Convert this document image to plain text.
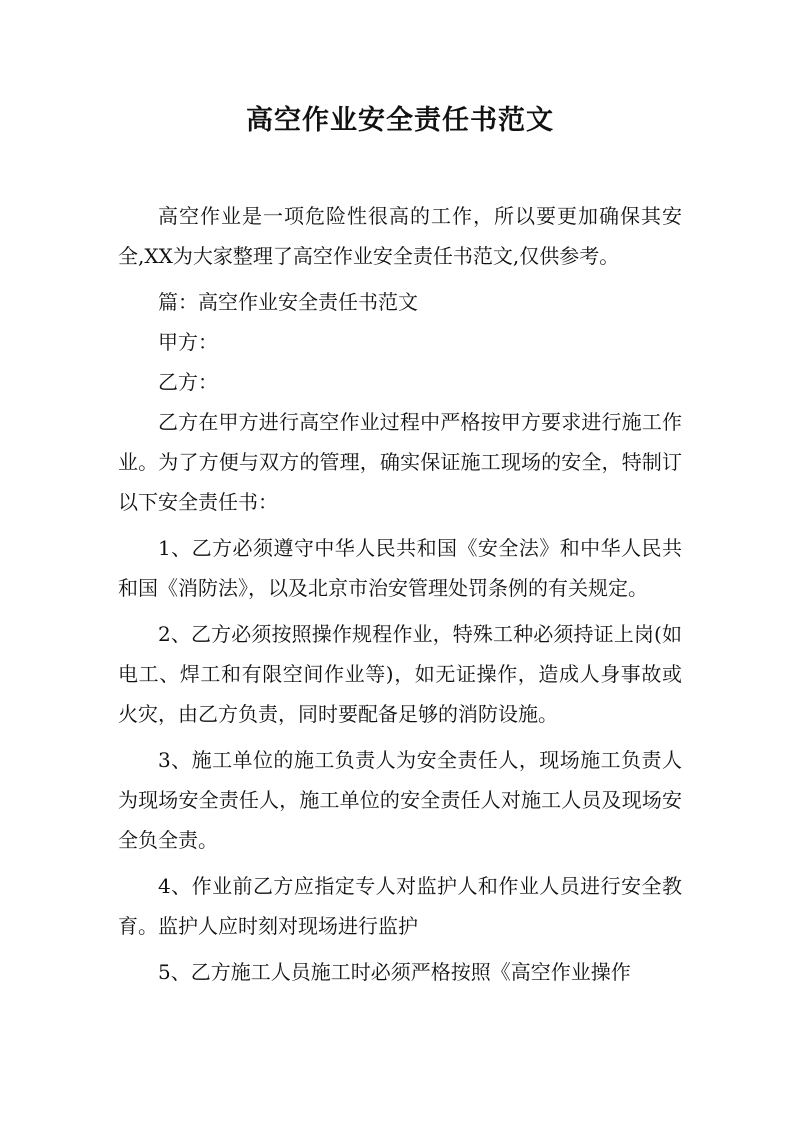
高空作业安全责任书范文

高空作业是一项危险性很高的工作，所以要更加确保其安全,XX为大家整理了高空作业安全责任书范文,仅供参考。

篇：高空作业安全责任书范文

甲方：

乙方：

乙方在甲方进行高空作业过程中严格按甲方要求进行施工作业。为了方便与双方的管理，确实保证施工现场的安全，特制订以下安全责任书：

1、乙方必须遵守中华人民共和国《安全法》和中华人民共和国《消防法》，以及北京市治安管理处罚条例的有关规定。

2、乙方必须按照操作规程作业，特殊工种必须持证上岗(如电工、焊工和有限空间作业等)，如无证操作，造成人身事故或火灾，由乙方负责，同时要配备足够的消防设施。

3、施工单位的施工负责人为安全责任人，现场施工负责人为现场安全责任人，施工单位的安全责任人对施工人员及现场安全负全责。

4、作业前乙方应指定专人对监护人和作业人员进行安全教育。监护人应时刻对现场进行监护

5、乙方施工人员施工时必须严格按照《高空作业操作
